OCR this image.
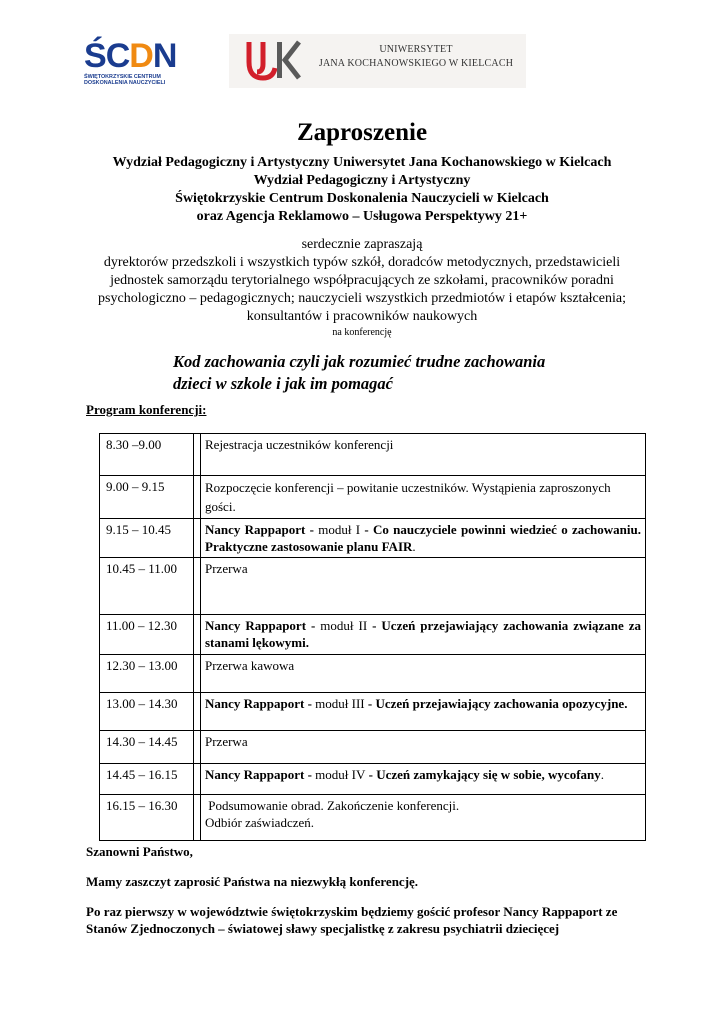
ŚCDN
ŚWIĘTOKRZYSKIE CENTRUM
DOSKONALENIA NAUCZYCIELI
UNIWERSYTET
JANA KOCHANOWSKIEGO W KIELCACH
Zaproszenie
Wydział Pedagogiczny i Artystyczny Uniwersytet Jana Kochanowskiego w Kielcach
Wydział Pedagogiczny i Artystyczny
Świętokrzyskie Centrum Doskonalenia Nauczycieli w Kielcach
oraz Agencja Reklamowo – Usługowa Perspektywy 21+
serdecznie zapraszają
dyrektorów przedszkoli i wszystkich typów szkół, doradców metodycznych, przedstawicieli
jednostek samorządu terytorialnego współpracujących ze szkołami, pracowników poradni
psychologiczno – pedagogicznych; nauczycieli wszystkich przedmiotów i etapów kształcenia;
konsultantów i pracowników naukowych
na konferencję
Kod zachowania czyli jak rozumieć trudne zachowania
dzieci w szkole i jak im pomagać
Program konferencji:
8.30 –9.00		Rejestracja uczestników konferencji
9.00 – 9.15		Rozpoczęcie konferencji – powitanie uczestników. Wystąpienia zaproszonych gości.
9.15 – 10.45		Nancy Rappaport - moduł I - Co nauczyciele powinni wiedzieć o zachowaniu. Praktyczne zastosowanie planu FAIR.
10.45 – 11.00		Przerwa
11.00 – 12.30		Nancy Rappaport - moduł II - Uczeń przejawiający zachowania związane za stanami lękowymi.
12.30 – 13.00		Przerwa kawowa
13.00 – 14.30		Nancy Rappaport - moduł III - Uczeń przejawiający zachowania opozycyjne.
14.30 – 14.45		Przerwa
14.45 – 16.15		Nancy Rappaport - moduł IV - Uczeń zamykający się w sobie, wycofany.
16.15 – 16.30		Podsumowanie obrad. Zakończenie konferencji.
Odbiór zaświadczeń.
Szanowni Państwo,
Mamy zaszczyt zaprosić Państwa na niezwykłą konferencję.
Po raz pierwszy w województwie świętokrzyskim będziemy gościć profesor Nancy Rappaport ze
Stanów Zjednoczonych – światowej sławy specjalistkę z zakresu psychiatrii dziecięcej
